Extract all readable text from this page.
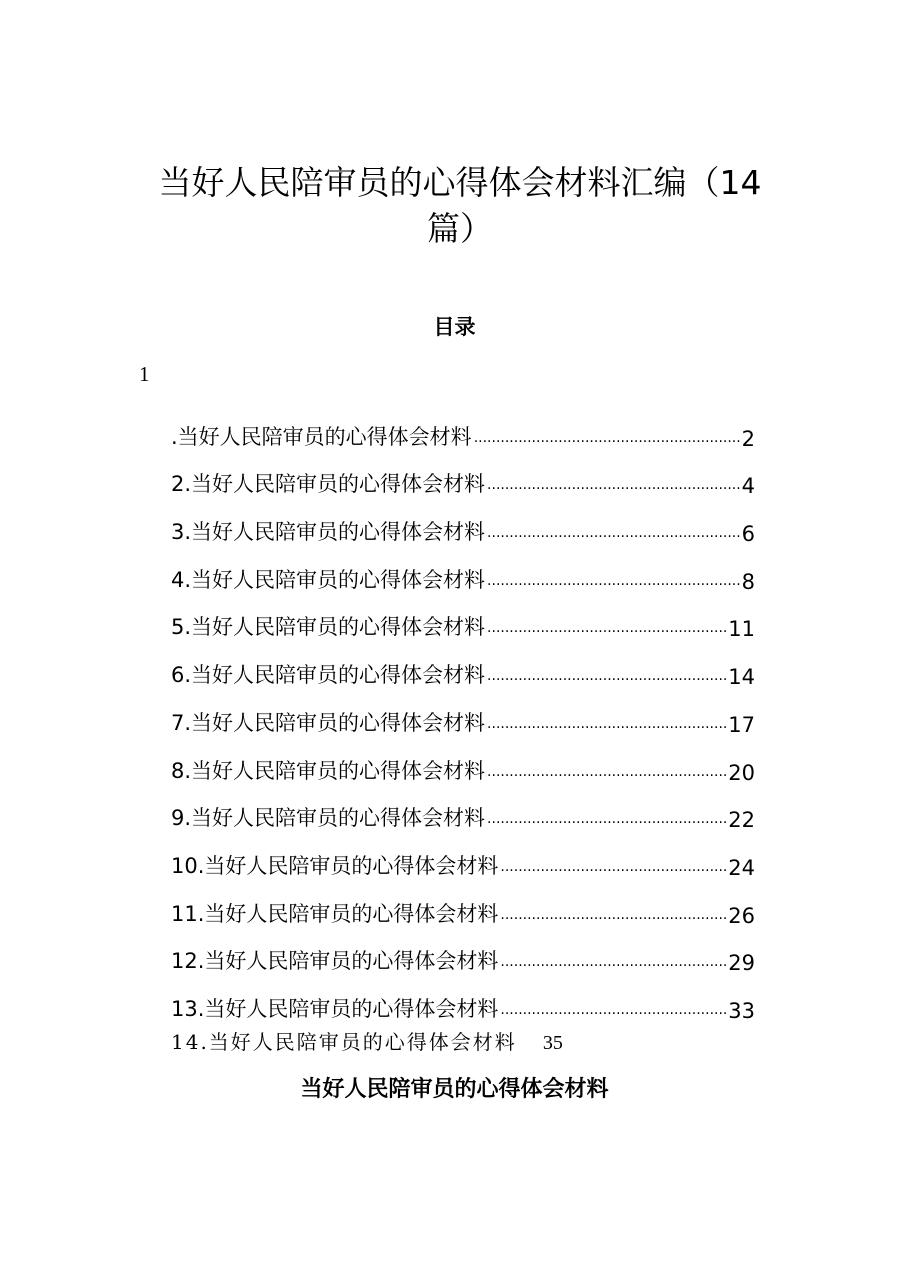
当好人民陪审员的心得体会材料汇编（14篇）
目录
1
.当好人民陪审员的心得体会材料 .....	2
2.当好人民陪审员的心得体会材料 .....	4
3.当好人民陪审员的心得体会材料 .....	6
4.当好人民陪审员的心得体会材料 .....	8
5.当好人民陪审员的心得体会材料 .....	11
6.当好人民陪审员的心得体会材料 .....	14
7.当好人民陪审员的心得体会材料 .....	17
8.当好人民陪审员的心得体会材料 .....	20
9.当好人民陪审员的心得体会材料 .....	22
10.当好人民陪审员的心得体会材料 .....	24
11.当好人民陪审员的心得体会材料 .....	26
12.当好人民陪审员的心得体会材料 .....	29
13.当好人民陪审员的心得体会材料 .....	33
14.当好人民陪审员的心得体会材料 35
当好人民陪审员的心得体会材料
